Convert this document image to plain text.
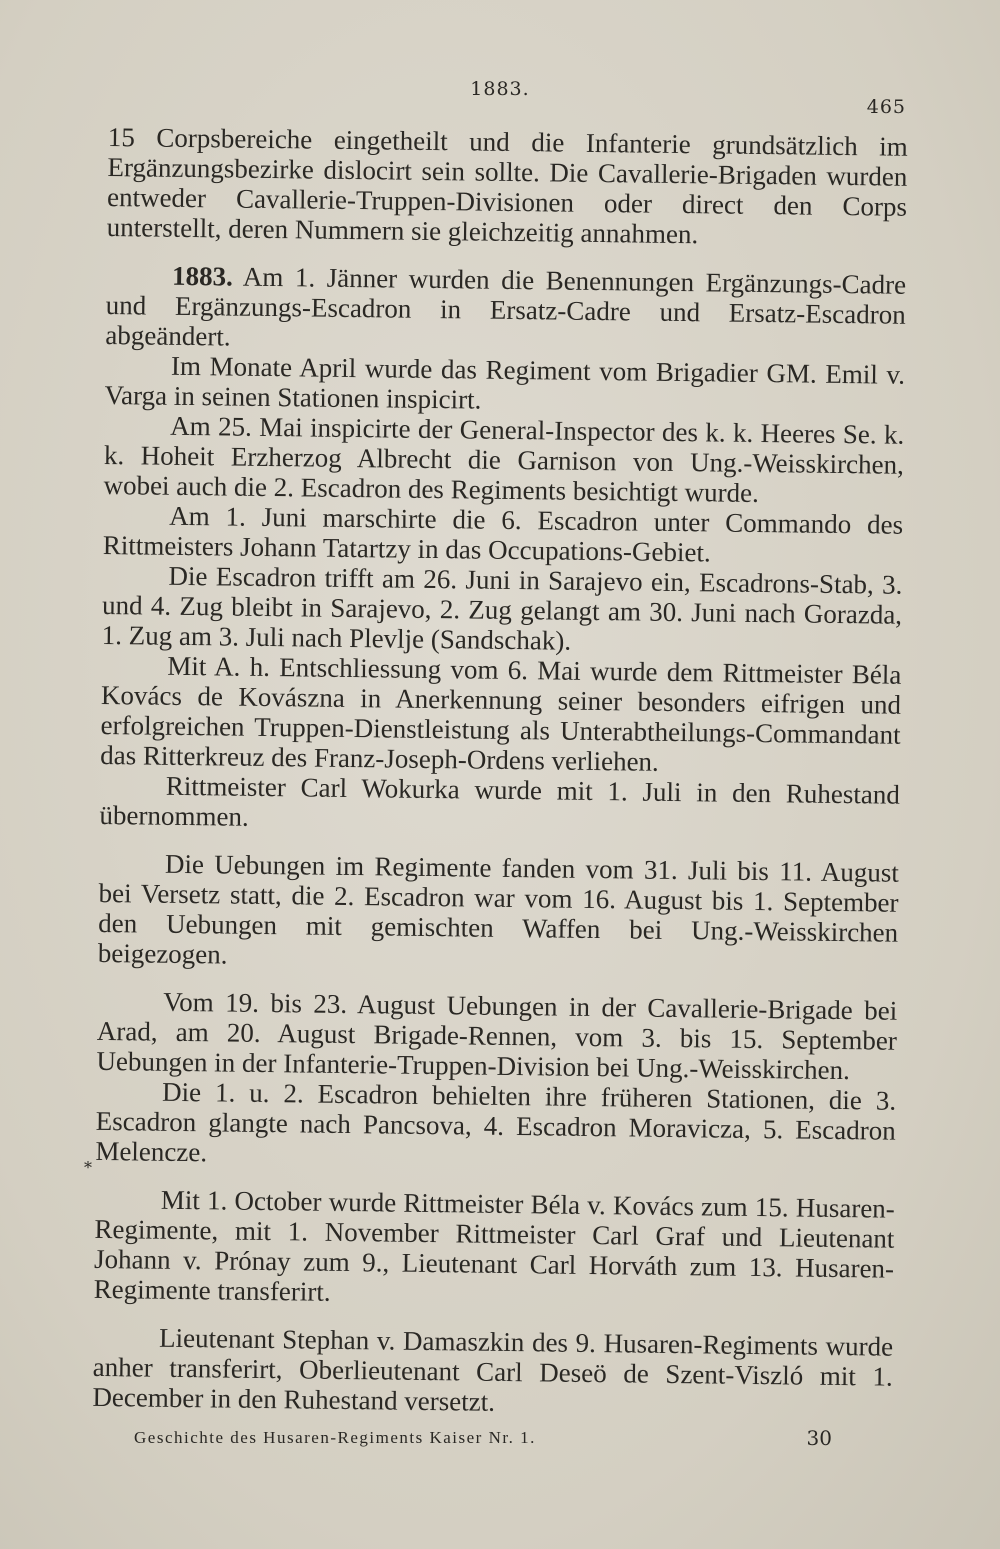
1883.
465

15 Corpsbereiche eingetheilt und die Infanterie grundsätzlich im Ergänzungsbezirke dislocirt sein sollte. Die Cavallerie-Brigaden wurden entweder Cavallerie-Truppen-Divisionen oder direct den Corps unterstellt, deren Nummern sie gleichzeitig annahmen.

1883. Am 1. Jänner wurden die Benennungen Ergänzungs-Cadre und Ergänzungs-Escadron in Ersatz-Cadre und Ersatz-Escadron abgeändert.

Im Monate April wurde das Regiment vom Brigadier GM. Emil v. Varga in seinen Stationen inspicirt.

Am 25. Mai inspicirte der General-Inspector des k. k. Heeres Se. k. k. Hoheit Erzherzog Albrecht die Garnison von Ung.-Weisskirchen, wobei auch die 2. Escadron des Regiments besichtigt wurde.

Am 1. Juni marschirte die 6. Escadron unter Commando des Rittmeisters Johann Tatartzy in das Occupations-Gebiet.

Die Escadron trifft am 26. Juni in Sarajevo ein, Escadrons-Stab, 3. und 4. Zug bleibt in Sarajevo, 2. Zug gelangt am 30. Juni nach Gorazda, 1. Zug am 3. Juli nach Plevlje (Sandschak).

Mit A. h. Entschliessung vom 6. Mai wurde dem Rittmeister Béla Kovács de Kovászna in Anerkennung seiner besonders eifrigen und erfolgreichen Truppen-Dienstleistung als Unterabtheilungs-Commandant das Ritterkreuz des Franz-Joseph-Ordens verliehen.

Rittmeister Carl Wokurka wurde mit 1. Juli in den Ruhestand übernommen.

Die Uebungen im Regimente fanden vom 31. Juli bis 11. August bei Versetz statt, die 2. Escadron war vom 16. August bis 1. September den Uebungen mit gemischten Waffen bei Ung.-Weisskirchen beigezogen.

Vom 19. bis 23. August Uebungen in der Cavallerie-Brigade bei Arad, am 20. August Brigade-Rennen, vom 3. bis 15. September Uebungen in der Infanterie-Truppen-Division bei Ung.-Weisskirchen.

Die 1. u. 2. Escadron behielten ihre früheren Stationen, die 3. Escadron glangte nach Pancsova, 4. Escadron Moravicza, 5. Escadron Melencze.

Mit 1. October wurde Rittmeister Béla v. Kovács zum 15. Husaren-Regimente, mit 1. November Rittmeister Carl Graf und Lieutenant Johann v. Prónay zum 9., Lieutenant Carl Horváth zum 13. Husaren-Regimente transferirt.

Lieutenant Stephan v. Damaszkin des 9. Husaren-Regiments wurde anher transferirt, Oberlieutenant Carl Deseö de Szent-Viszló mit 1. December in den Ruhestand versetzt.

*
Geschichte des Husaren-Regiments Kaiser Nr. 1.	30
